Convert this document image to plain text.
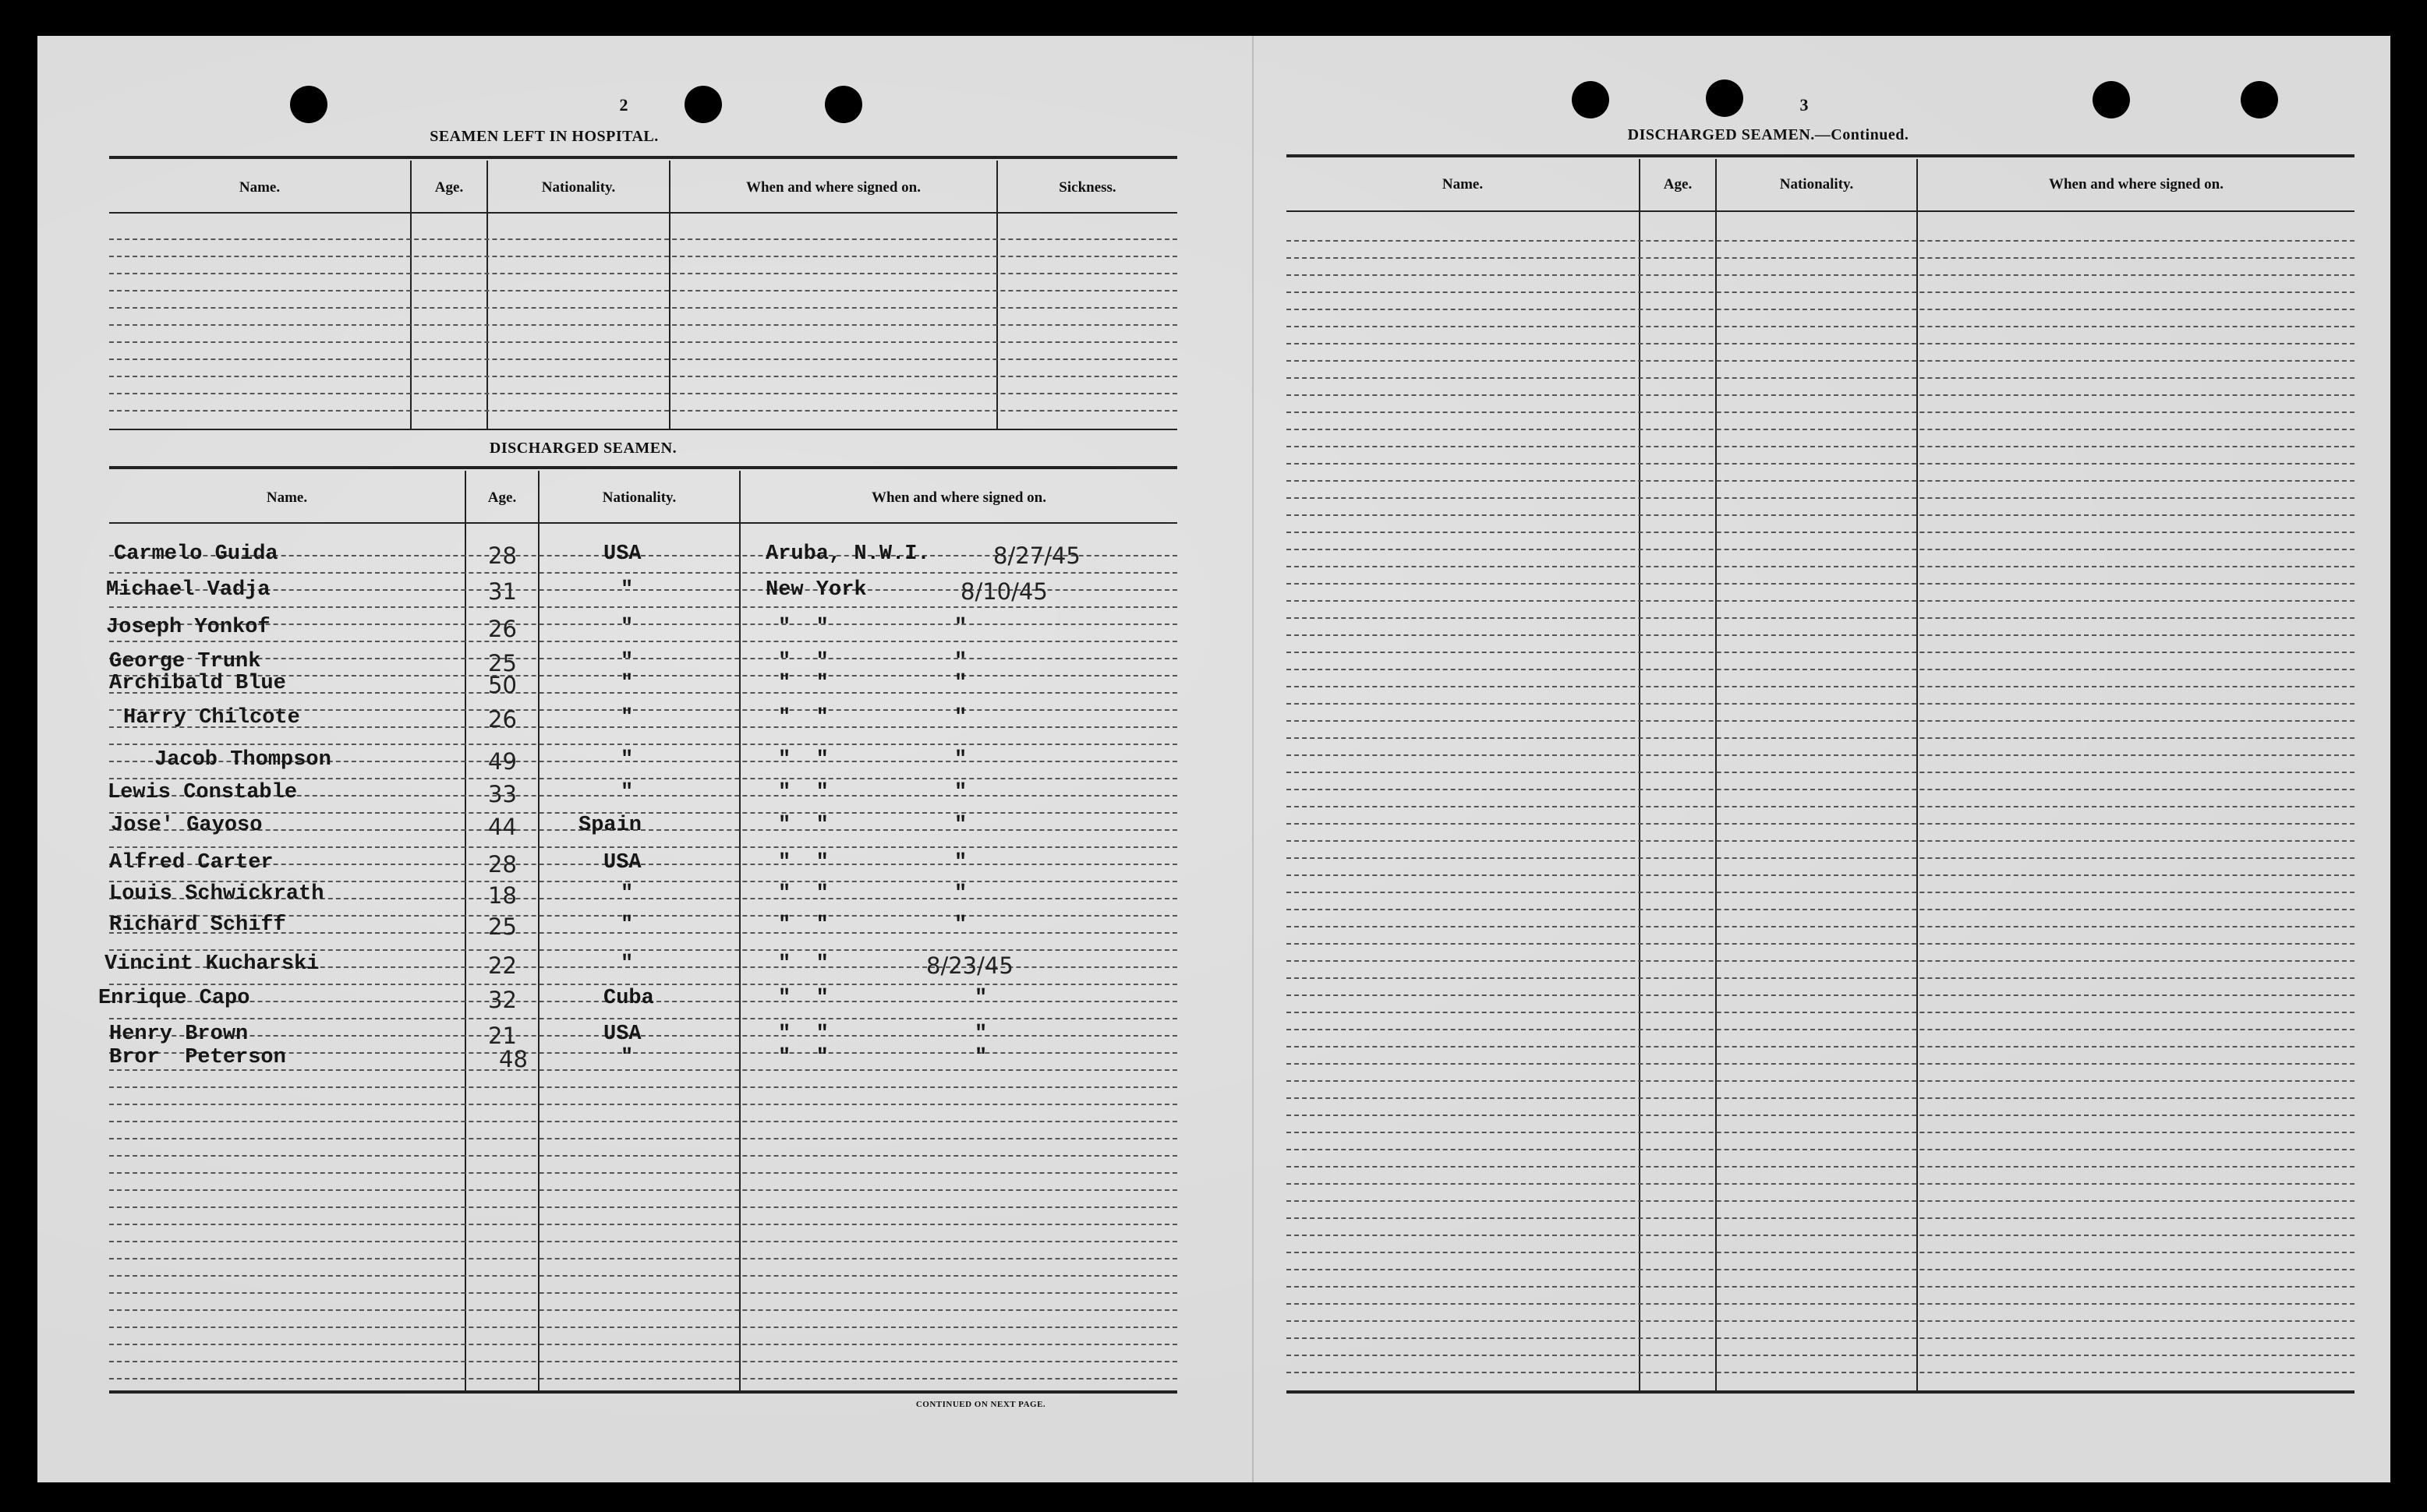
2
SEAMEN LEFT IN HOSPITAL.
Name.	Age.	Nationality.	When and where signed on.	Sickness.
DISCHARGED SEAMEN.
Name.	Age.	Nationality.	When and where signed on.
Carmelo Guida	28	USA	Aruba, N.W.I.	8/27/45
Michael Vadja	31	"	New York	8/10/45
Joseph Yonkof	26	"	"  "	"
George Trunk	25	"	"  "	"
Archibald Blue	50	"	"  "	"
Harry Chilcote	26	"	"  "	"
Jacob Thompson	49	"	"  "	"
Lewis Constable	33	"	"  "	"
Jose' Gayoso	44	Spain	"  "	"
Alfred Carter	28	USA	"  "	"
Louis Schwickrath	18	"	"  "	"
Richard Schiff	25	"	"  "	"
Vincint Kucharski	22	"	"  "	8/23/45
Enrique Capo	32	Cuba	"  "	"
Henry Brown	21	USA	"  "	"
Bror  Peterson	48	"	"  "	"
CONTINUED ON NEXT PAGE.
3
DISCHARGED SEAMEN.—Continued.
Name.	Age.	Nationality.	When and where signed on.
